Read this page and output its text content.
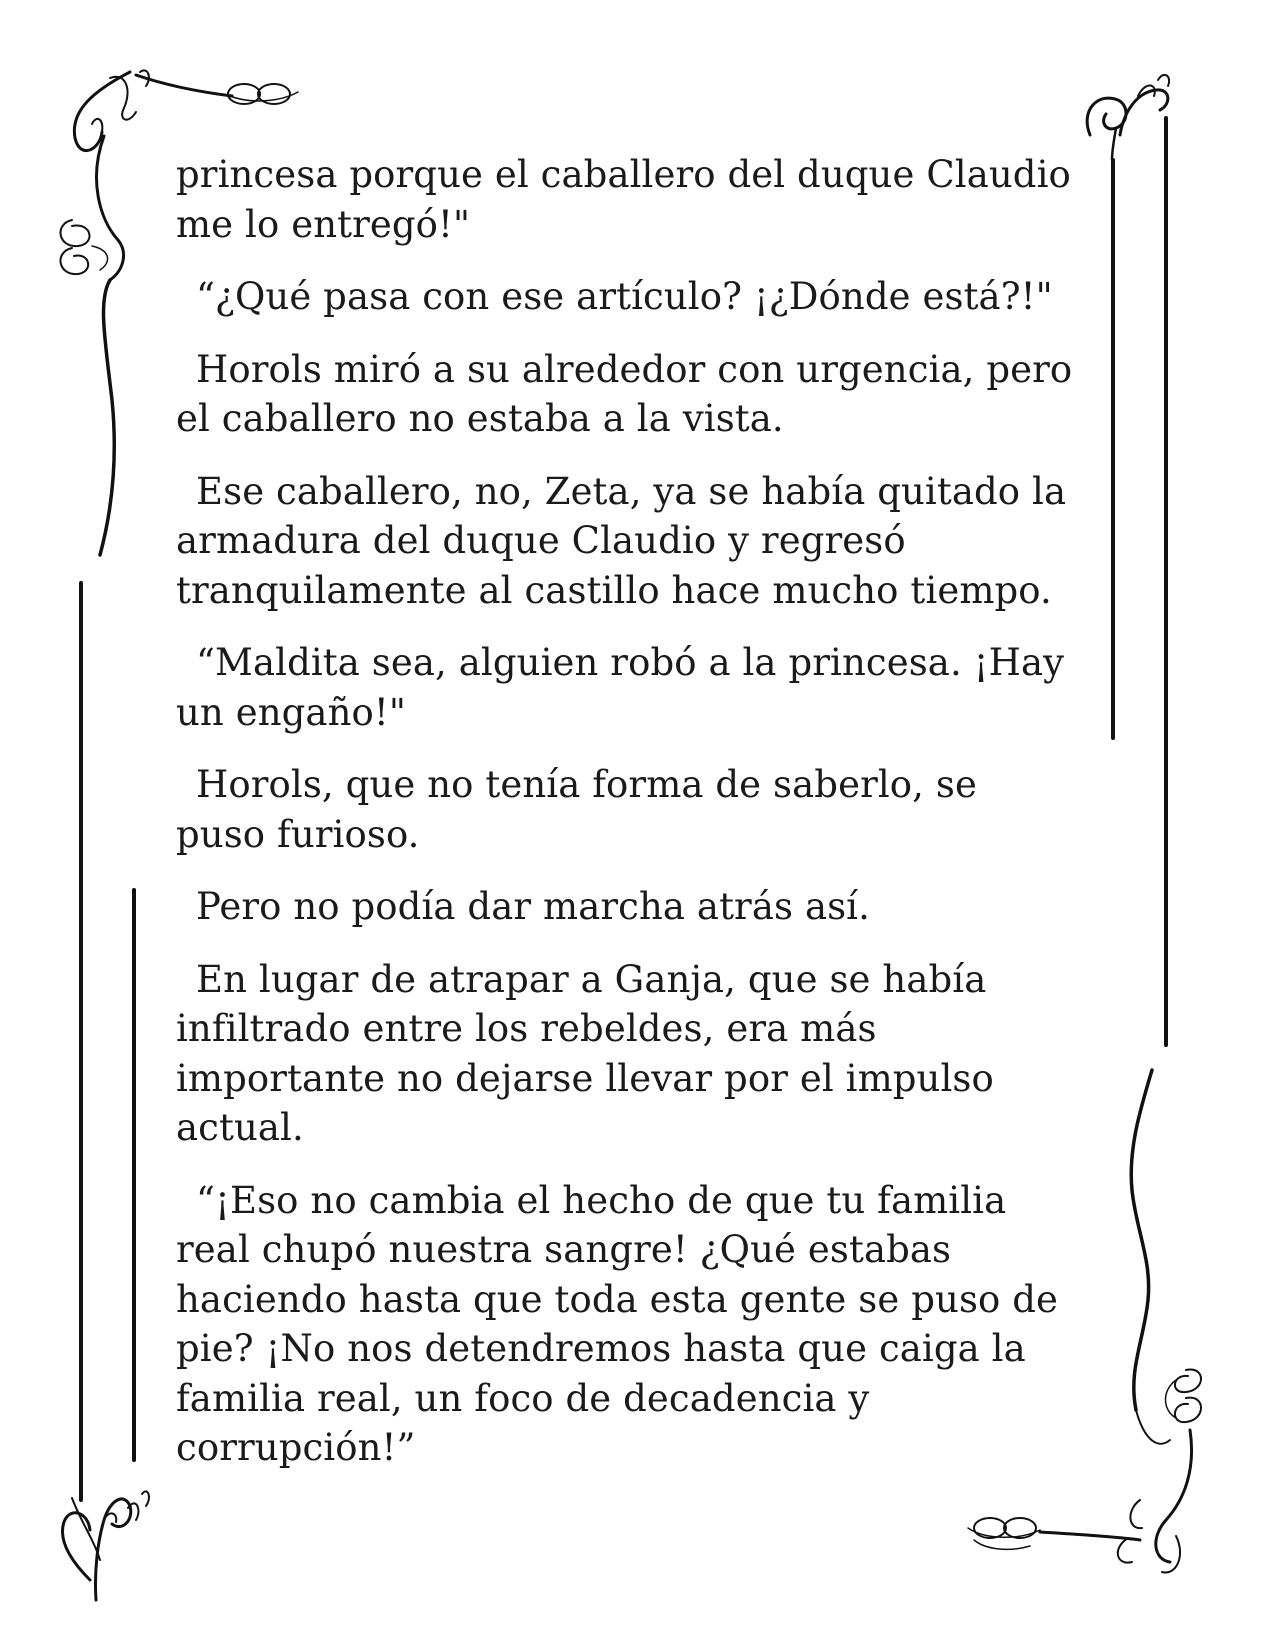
princesa porque el caballero del duque Claudio
me lo entregó!"

“¿Qué pasa con ese artículo? ¡¿Dónde está?!"

Horols miró a su alrededor con urgencia, pero
el caballero no estaba a la vista.

Ese caballero, no, Zeta, ya se había quitado la
armadura del duque Claudio y regresó
tranquilamente al castillo hace mucho tiempo.

“Maldita sea, alguien robó a la princesa. ¡Hay
un engaño!"

Horols, que no tenía forma de saberlo, se
puso furioso.

Pero no podía dar marcha atrás así.

En lugar de atrapar a Ganja, que se había
infiltrado entre los rebeldes, era más
importante no dejarse llevar por el impulso
actual.

“¡Eso no cambia el hecho de que tu familia
real chupó nuestra sangre! ¿Qué estabas
haciendo hasta que toda esta gente se puso de
pie? ¡No nos detendremos hasta que caiga la
familia real, un foco de decadencia y
corrupción!”
